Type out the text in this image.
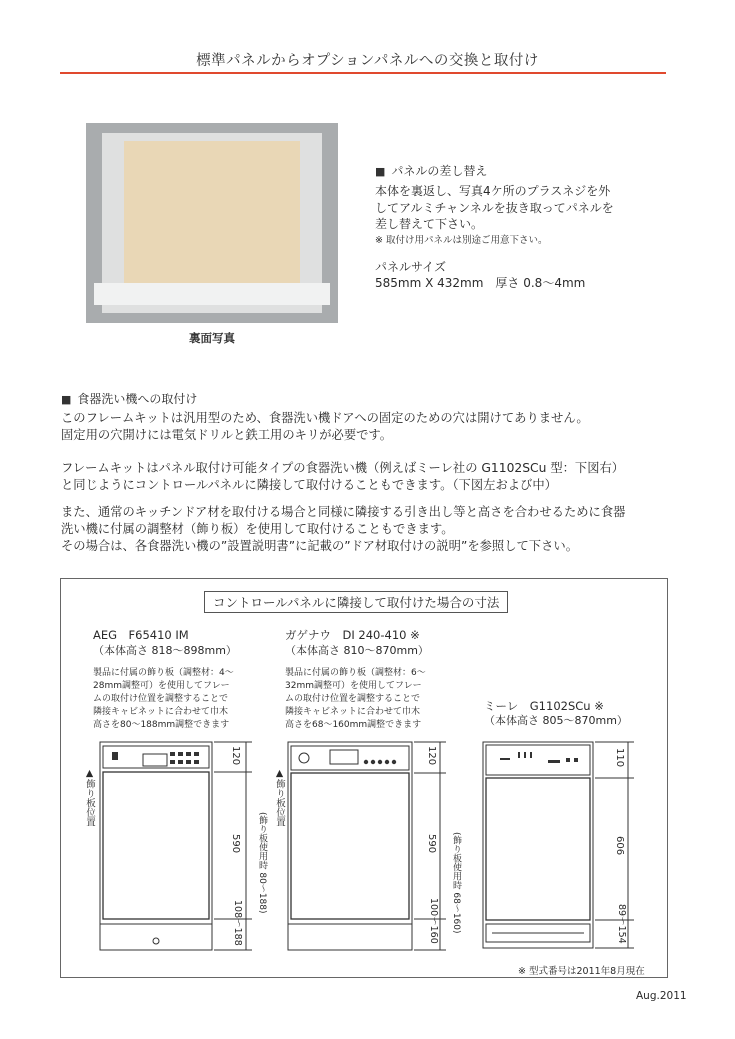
標準パネルからオプションパネルへの交換と取付け
裏面写真
■ パネルの差し替え
本体を裏返し、写真4ケ所のプラスネジを外
してアルミチャンネルを抜き取ってパネルを
差し替えて下さい。
※ 取付け用パネルは別途ご用意下さい。
パネルサイズ
585mm X 432mm　厚さ 0.8〜4mm
■ 食器洗い機への取付け
このフレームキットは汎用型のため、食器洗い機ドアへの固定のための穴は開けてありません。
固定用の穴開けには電気ドリルと鉄工用のキリが必要です。
フレームキットはパネル取付け可能タイプの食器洗い機（例えばミーレ社の G1102SCu 型：下図右）
と同じようにコントロールパネルに隣接して取付けることもできます。（下図左および中）
また、通常のキッチンドア材を取付ける場合と同様に隣接する引き出し等と高さを合わせるために食器
洗い機に付属の調整材（飾り板）を使用して取付けることもできます。
その場合は、各食器洗い機の”設置説明書”に記載の”ドア材取付けの説明”を参照して下さい。
コントロールパネルに隣接して取付けた場合の寸法
AEG　F65410 IM
（本体高さ 818〜898mm）
製品に付属の飾り板（調整材：4〜
28mm調整可）を使用してフレー
ムの取付け位置を調整することで
隣接キャビネットに合わせて巾木
高さを80〜188mm調整できます
ガゲナウ　DI 240-410 ※
（本体高さ 810〜870mm）
製品に付属の飾り板（調整材：6〜
32mm調整可）を使用してフレー
ムの取付け位置を調整することで
隣接キャビネットに合わせて巾木
高さを68〜160mm調整できます
ミーレ　G1102SCu ※
（本体高さ 805〜870mm）
▲飾り板位置	▲飾り板位置
120
590 (飾り板使用時 80〜188)
108〜188
120
590
100〜160 (飾り板使用時 68〜160)
110
606
89〜154
※ 型式番号は2011年8月現在
Aug.2011
